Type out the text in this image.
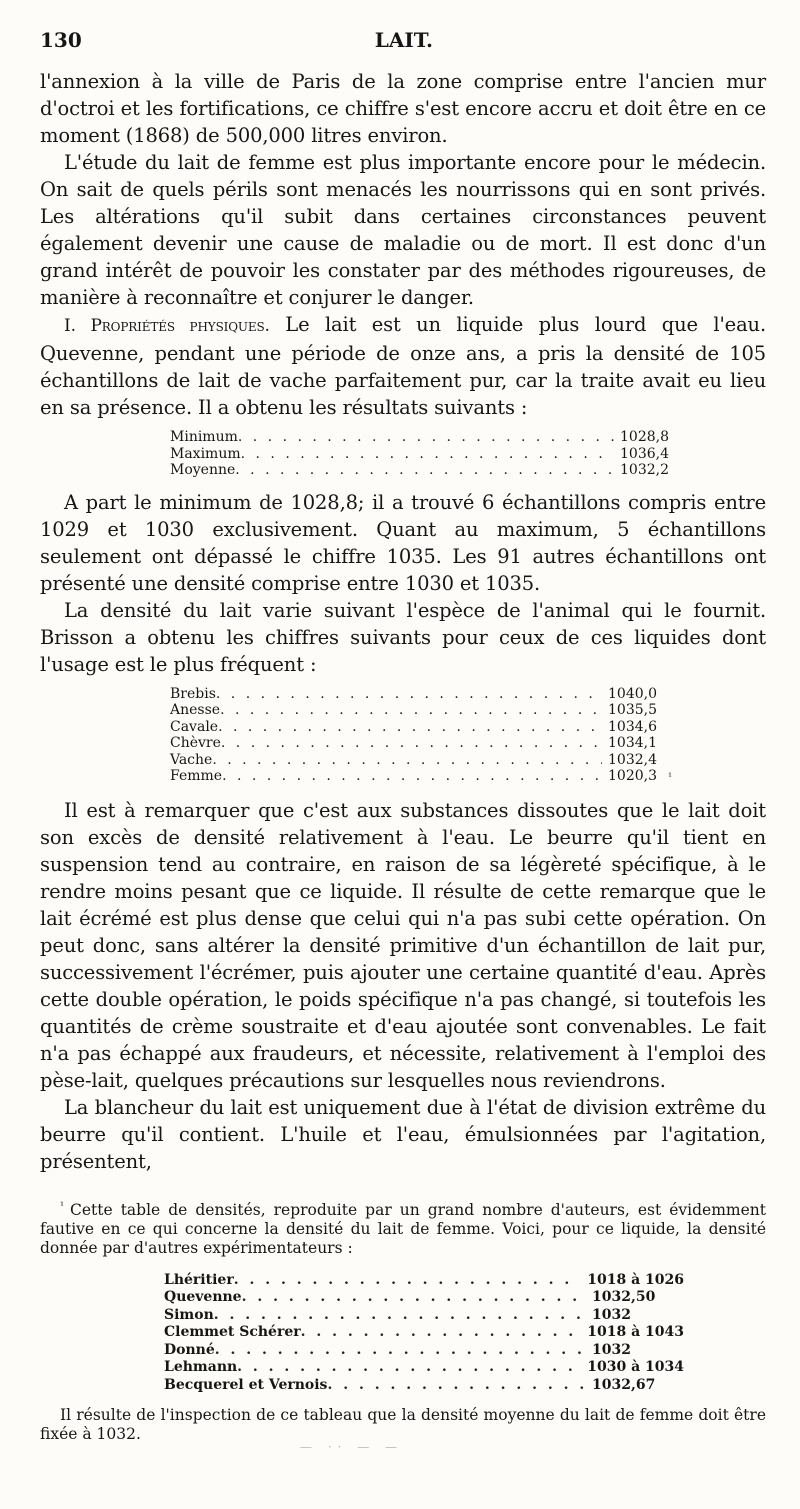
130	LAIT.

l'annexion à la ville de Paris de la zone comprise entre l'ancien mur d'octroi et les fortifications, ce chiffre s'est encore accru et doit être en ce moment (1868) de 500,000 litres environ.

L'étude du lait de femme est plus importante encore pour le médecin. On sait de quels périls sont menacés les nourrissons qui en sont privés. Les altérations qu'il subit dans certaines circonstances peuvent également devenir une cause de maladie ou de mort. Il est donc d'un grand intérêt de pouvoir les constater par des méthodes rigoureuses, de manière à reconnaître et conjurer le danger.

I. Propriétés physiques. Le lait est un liquide plus lourd que l'eau. Quevenne, pendant une période de onze ans, a pris la densité de 105 échantillons de lait de vache parfaitement pur, car la traite avait eu lieu en sa présence. Il a obtenu les résultats suivants :

Minimum . . .	1028,8
Maximum . . .	1036,4
Moyenne . . .	1032,2

A part le minimum de 1028,8; il a trouvé 6 échantillons compris entre 1029 et 1030 exclusivement. Quant au maximum, 5 échantillons seulement ont dépassé le chiffre 1035. Les 91 autres échantillons ont présenté une densité comprise entre 1030 et 1035.

La densité du lait varie suivant l'espèce de l'animal qui le fournit. Brisson a obtenu les chiffres suivants pour ceux de ces liquides dont l'usage est le plus fréquent :

Brebis . . .	1040,0
Anesse . . .	1035,5
Cavale . . .	1034,6
Chèvre . . .	1034,1
Vache . . .	1032,4
Femme . . .	1020,3	¹

Il est à remarquer que c'est aux substances dissoutes que le lait doit son excès de densité relativement à l'eau. Le beurre qu'il tient en suspension tend au contraire, en raison de sa légèreté spécifique, à le rendre moins pesant que ce liquide. Il résulte de cette remarque que le lait écrémé est plus dense que celui qui n'a pas subi cette opération. On peut donc, sans altérer la densité primitive d'un échantillon de lait pur, successivement l'écrémer, puis ajouter une certaine quantité d'eau. Après cette double opération, le poids spécifique n'a pas changé, si toutefois les quantités de crème soustraite et d'eau ajoutée sont convenables. Le fait n'a pas échappé aux fraudeurs, et nécessite, relativement à l'emploi des pèse-lait, quelques précautions sur lesquelles nous reviendrons.

La blancheur du lait est uniquement due à l'état de division extrême du beurre qu'il contient. L'huile et l'eau, émulsionnées par l'agitation, présentent,

$^{^1}$ Cette table de densités, reproduite par un grand nombre d'auteurs, est évidemment fautive en ce qui concerne la densité du lait de femme. Voici, pour ce liquide, la densité donnée par d'autres expérimentateurs :

Lhéritier . . .	1018 à 1026
Quevenne . . .	1032,50
Simon . . .	1032
Clemmet Schérer . . .	1018 à 1043
Donné . . .	1032
Lehmann . . .	1030 à 1034
Becquerel et Vernois . . .	1032,67

Il résulte de l'inspection de ce tableau que la densité moyenne du lait de femme doit être fixée à 1032.

— ·· — —
